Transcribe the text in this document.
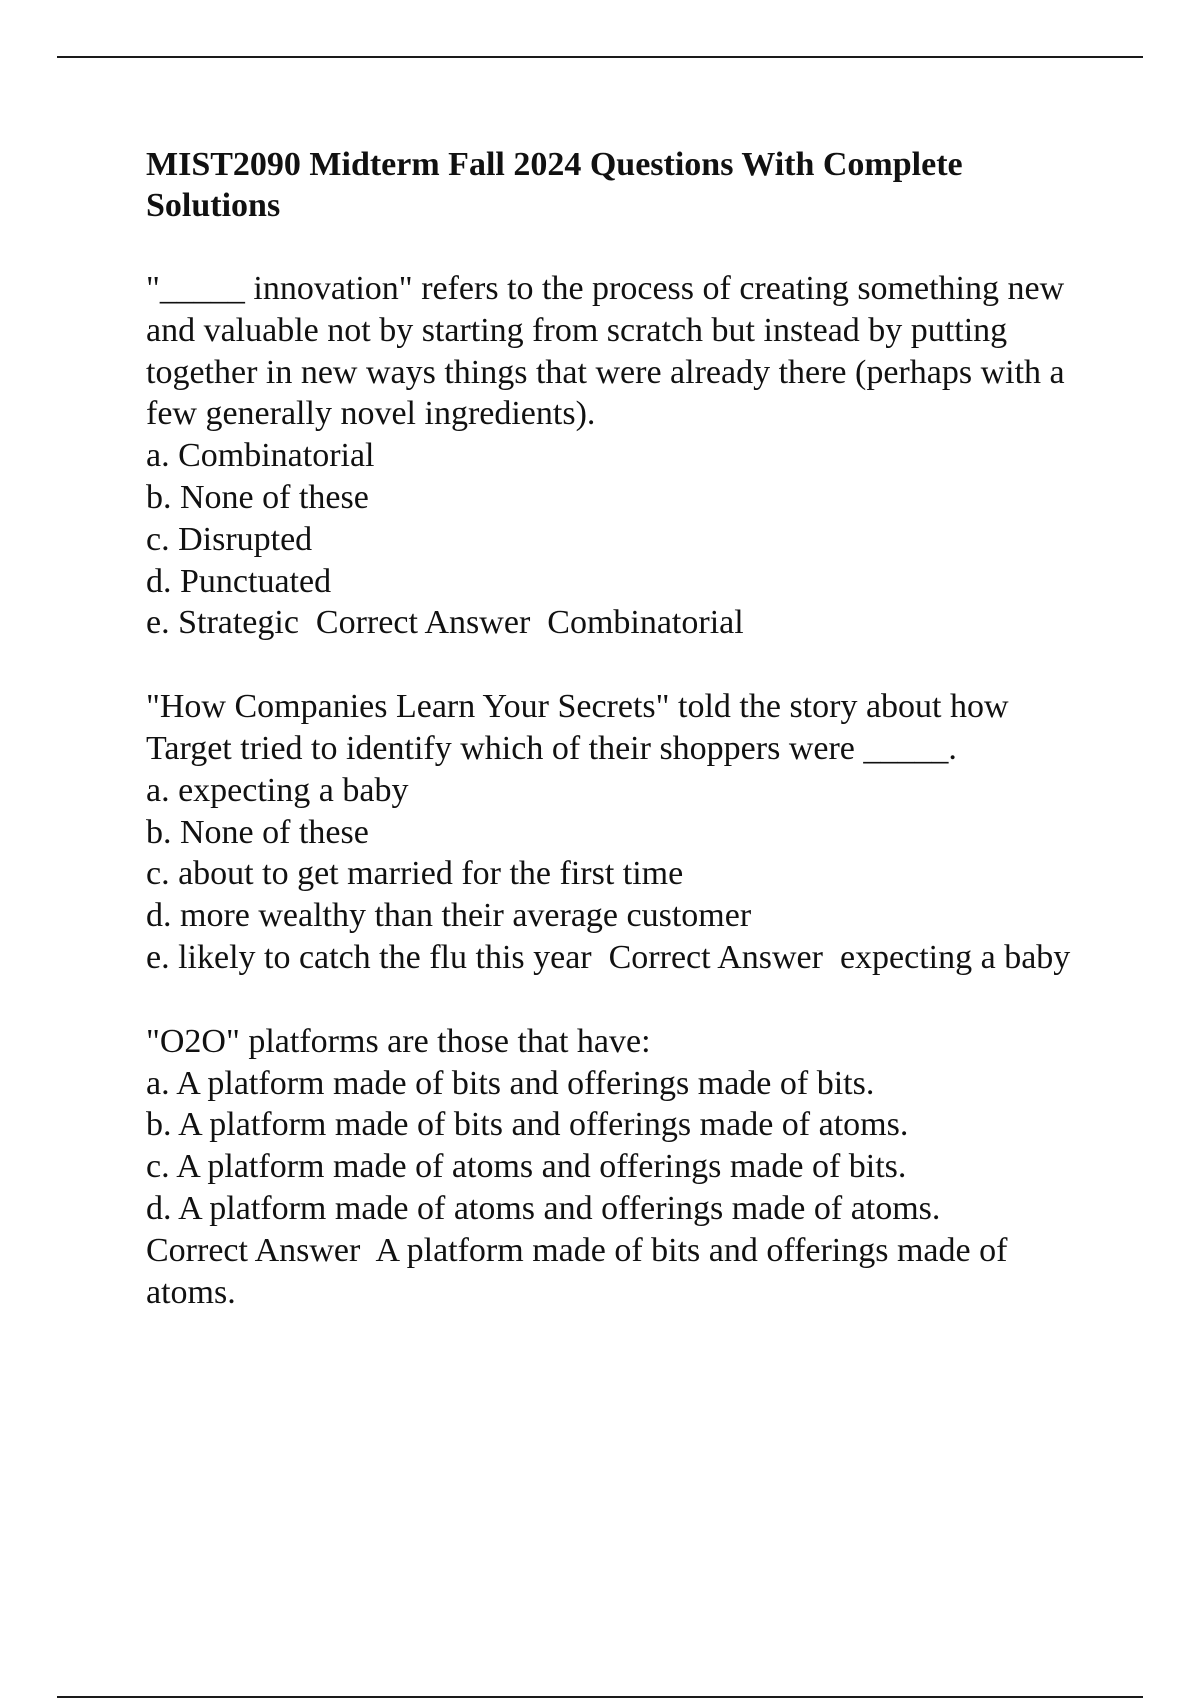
MIST2090 Midterm Fall 2024 Questions With Complete Solutions
"_____ innovation" refers to the process of creating something new and valuable not by starting from scratch but instead by putting together in new ways things that were already there (perhaps with a few generally novel ingredients).
a. Combinatorial
b. None of these
c. Disrupted
d. Punctuated
e. Strategic  Correct Answer  Combinatorial
"How Companies Learn Your Secrets" told the story about how Target tried to identify which of their shoppers were _____.
a. expecting a baby
b. None of these
c. about to get married for the first time
d. more wealthy than their average customer
e. likely to catch the flu this year  Correct Answer  expecting a baby
"O2O" platforms are those that have:
a. A platform made of bits and offerings made of bits.
b. A platform made of bits and offerings made of atoms.
c. A platform made of atoms and offerings made of bits.
d. A platform made of atoms and offerings made of atoms.
Correct Answer  A platform made of bits and offerings made of atoms.
